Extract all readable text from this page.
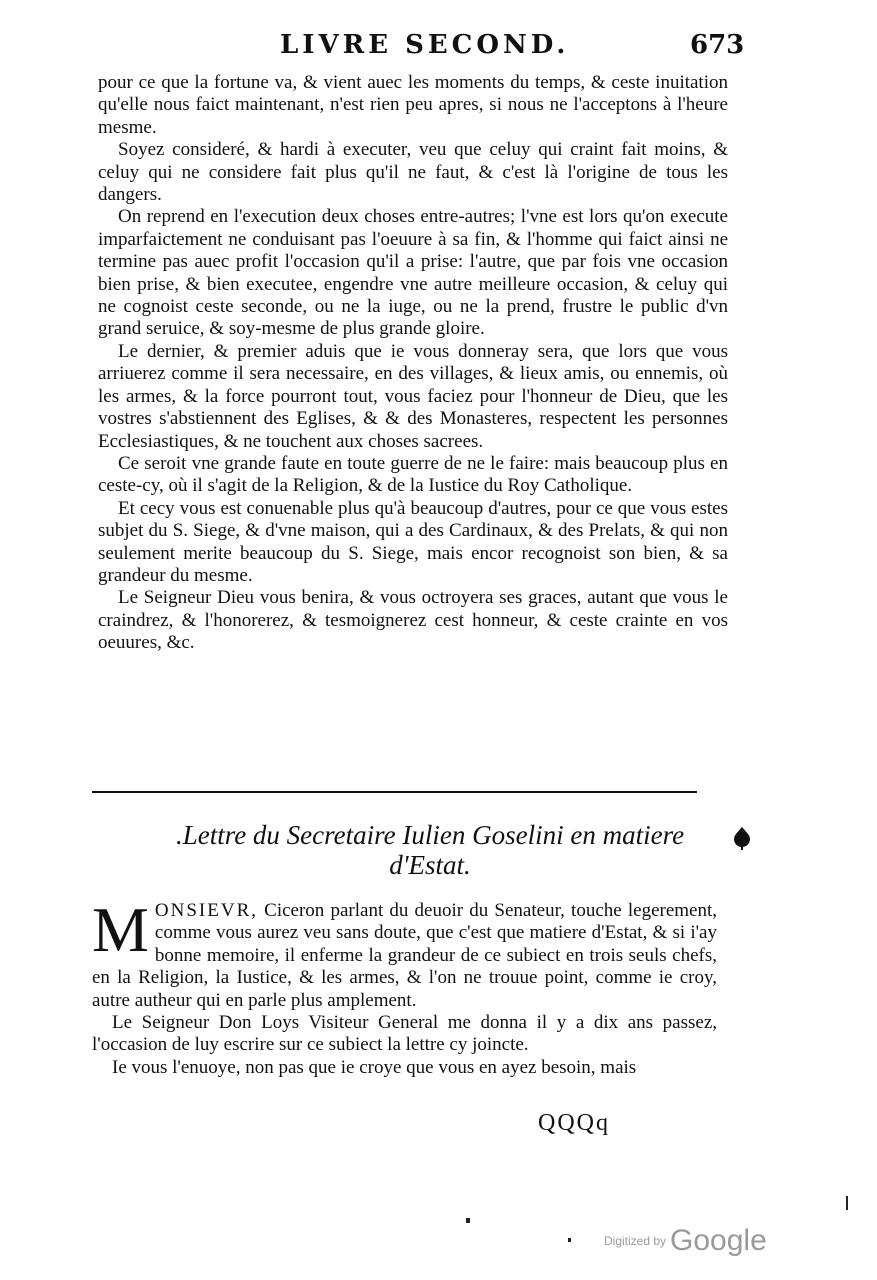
LIVRE SECOND.	673

pour ce que la fortune va, & vient auec les moments du temps, & ceste inuitation qu'elle nous faict maintenant, n'est rien peu apres, si nous ne l'acceptons à l'heure mesme.

Soyez consideré, & hardi à executer, veu que celuy qui craint fait moins, & celuy qui ne considere fait plus qu'il ne faut, & c'est là l'origine de tous les dangers.

On reprend en l'execution deux choses entre-autres; l'vne est lors qu'on execute imparfaictement ne conduisant pas l'oeuure à sa fin, & l'homme qui faict ainsi ne termine pas auec profit l'occasion qu'il a prise: l'autre, que par fois vne occasion bien prise, & bien executee, engendre vne autre meilleure occasion, & celuy qui ne cognoist ceste seconde, ou ne la iuge, ou ne la prend, frustre le public d'vn grand seruice, & soy-mesme de plus grande gloire.

Le dernier, & premier aduis que ie vous donneray sera, que lors que vous arriuerez comme il sera necessaire, en des villages, & lieux amis, ou ennemis, où les armes, & la force pourront tout, vous faciez pour l'honneur de Dieu, que les vostres s'abstiennent des Eglises, & & des Monasteres, respectent les personnes Ecclesiastiques, & ne touchent aux choses sacrees.

Ce seroit vne grande faute en toute guerre de ne le faire: mais beaucoup plus en ceste-cy, où il s'agit de la Religion, & de la Iustice du Roy Catholique.

Et cecy vous est conuenable plus qu'à beaucoup d'autres, pour ce que vous estes subjet du S. Siege, & d'vne maison, qui a des Cardinaux, & des Prelats, & qui non seulement merite beaucoup du S. Siege, mais encor recognoist son bien, & sa grandeur du mesme.

Le Seigneur Dieu vous benira, & vous octroyera ses graces, autant que vous le craindrez, & l'honorerez, & tesmoignerez cest honneur, & ceste crainte en vos oeuures, &c.

.Lettre du Secretaire Iulien Goselini en matiere
d'Estat.

MONSIEVR, Ciceron parlant du deuoir du Senateur, touche legerement, comme vous aurez veu sans doute, que c'est que matiere d'Estat, & si i'ay bonne memoire, il enferme la grandeur de ce subiect en trois seuls chefs, en la Religion, la Iustice, & les armes, & l'on ne trouue point, comme ie croy, autre autheur qui en parle plus amplement.

Le Seigneur Don Loys Visiteur General me donna il y a dix ans passez, l'occasion de luy escrire sur ce subiect la lettre cy joincte.

Ie vous l'enuoye, non pas que ie croye que vous en ayez besoin, mais

QQQq
Digitized by Google
